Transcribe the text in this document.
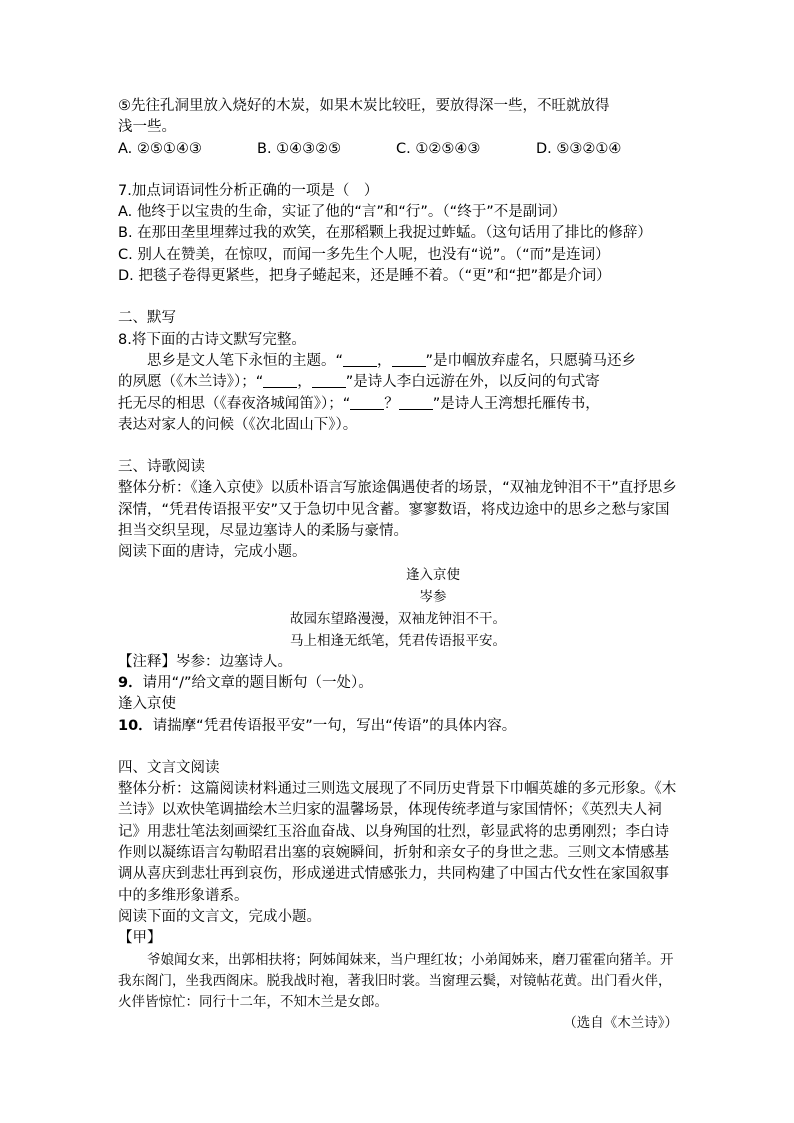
⑤先往孔洞里放入烧好的木炭，如果木炭比较旺，要放得深一些，不旺就放得
浅一些。
A. ②⑤①④③	B. ①④③②⑤	C. ①②⑤④③	D. ⑤③②①④
7.加点词语词性分析正确的一项是（　）
A. 他终于以宝贵的生命，实证了他的“言”和“行”。（“终于”不是副词）
B. 在那田垄里埋葬过我的欢笑，在那稻颗上我捉过蚱蜢。（这句话用了排比的修辞）
C. 别人在赞美，在惊叹，而闻一多先生个人呢，也没有“说”。（“而”是连词）
D. 把毯子卷得更紧些，把身子蜷起来，还是睡不着。（“更”和“把”都是介词）
二、默写
8.将下面的古诗文默写完整。
思乡是文人笔下永恒的主题。“ ， ”是巾帼放弃虚名，只愿骑马还乡
的夙愿（《木兰诗》）；“ ， ”是诗人李白远游在外，以反问的句式寄
托无尽的相思（《春夜洛城闻笛》）；“ ？ ”是诗人王湾想托雁传书，
表达对家人的问候（《次北固山下》）。
三、诗歌阅读
整体分析：《逢入京使》以质朴语言写旅途偶遇使者的场景，“双袖龙钟泪不干”直抒思乡深情，“凭君传语报平安”又于急切中见含蓄。寥寥数语，将戍边途中的思乡之愁与家国担当交织呈现，尽显边塞诗人的柔肠与豪情。
阅读下面的唐诗，完成小题。
逢入京使
岑参
故园东望路漫漫，双袖龙钟泪不干。
马上相逢无纸笔，凭君传语报平安。
【注释】岑参：边塞诗人。
9．请用“/”给文章的题目断句（一处）。
逢入京使
10．请揣摩“凭君传语报平安”一句，写出“传语”的具体内容。
四、文言文阅读
整体分析：这篇阅读材料通过三则选文展现了不同历史背景下巾帼英雄的多元形象。《木兰诗》以欢快笔调描绘木兰归家的温馨场景，体现传统孝道与家国情怀；《英烈夫人祠记》用悲壮笔法刻画梁红玉浴血奋战、以身殉国的壮烈，彰显武将的忠勇刚烈；李白诗作则以凝练语言勾勒昭君出塞的哀婉瞬间，折射和亲女子的身世之悲。三则文本情感基调从喜庆到悲壮再到哀伤，形成递进式情感张力，共同构建了中国古代女性在家国叙事中的多维形象谱系。
阅读下面的文言文，完成小题。
【甲】
爷娘闻女来，出郭相扶将；阿姊闻妹来，当户理红妆；小弟闻姊来，磨刀霍霍向猪羊。开我东阁门，坐我西阁床。脱我战时袍，著我旧时裳。当窗理云鬓，对镜帖花黄。出门看火伴，火伴皆惊忙：同行十二年，不知木兰是女郎。
（选自《木兰诗》）
